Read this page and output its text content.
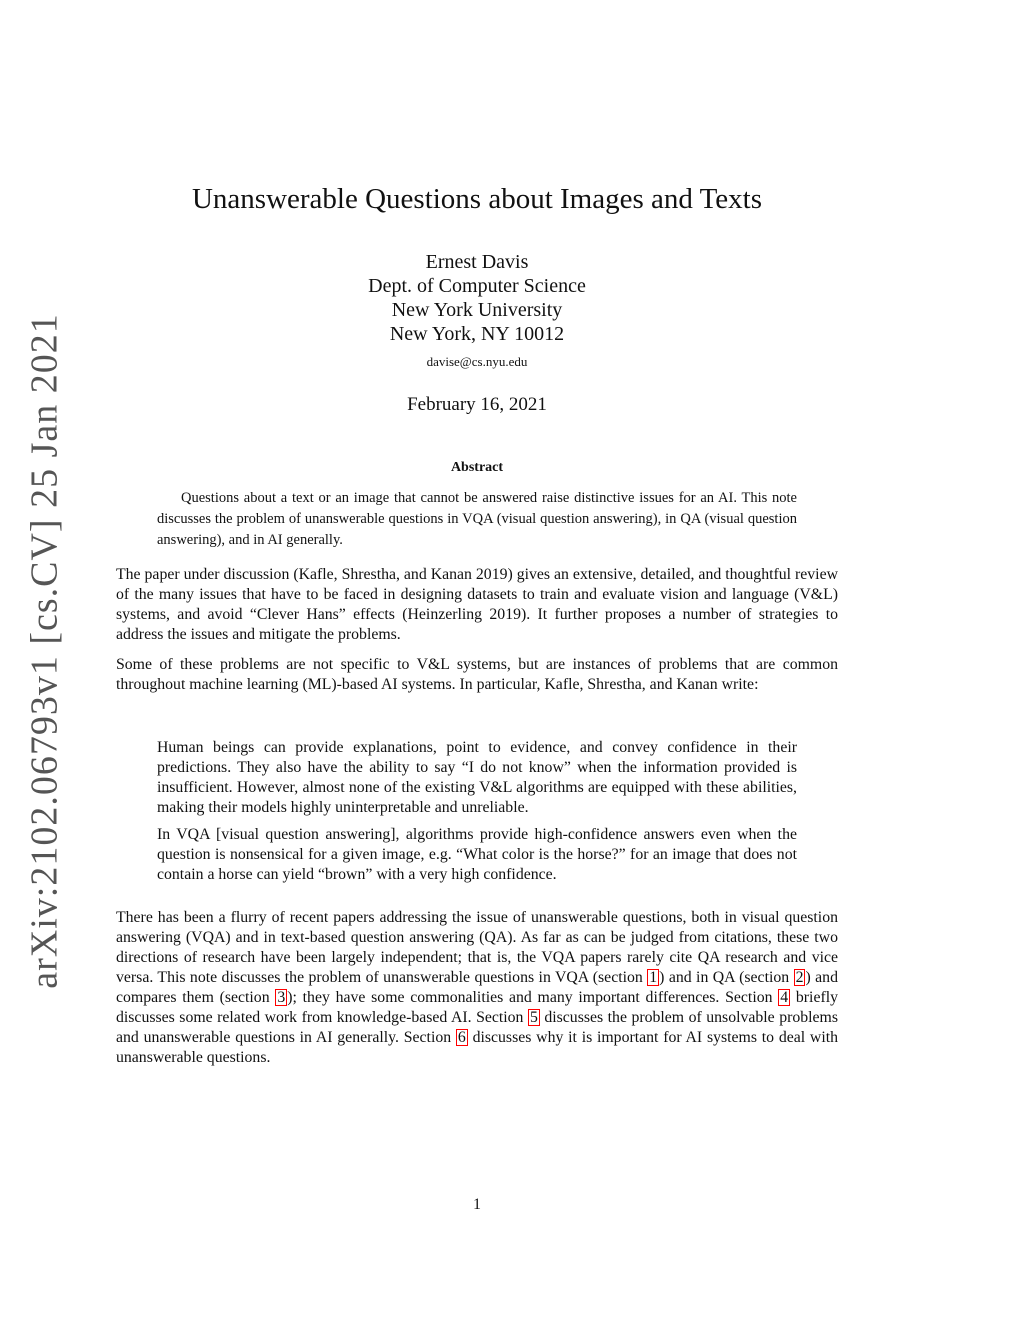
arXiv:2102.06793v1 [cs.CV] 25 Jan 2021
Unanswerable Questions about Images and Texts
Ernest Davis
Dept. of Computer Science
New York University
New York, NY 10012
davise@cs.nyu.edu
February 16, 2021
Abstract
Questions about a text or an image that cannot be answered raise distinctive issues for an AI. This note discusses the problem of unanswerable questions in VQA (visual question answering), in QA (visual question answering), and in AI generally.

The paper under discussion (Kafle, Shrestha, and Kanan 2019) gives an extensive, detailed, and thoughtful review of the many issues that have to be faced in designing datasets to train and evaluate vision and language (V&L) systems, and avoid “Clever Hans” effects (Heinzerling 2019). It further proposes a number of strategies to address the issues and mitigate the problems.

Some of these problems are not specific to V&L systems, but are instances of problems that are common throughout machine learning (ML)-based AI systems. In particular, Kafle, Shrestha, and Kanan write:

Human beings can provide explanations, point to evidence, and convey confidence in their predictions. They also have the ability to say “I do not know” when the information provided is insufficient. However, almost none of the existing V&L algorithms are equipped with these abilities, making their models highly uninterpretable and unreliable.

In VQA [visual question answering], algorithms provide high-confidence answers even when the question is nonsensical for a given image, e.g. “What color is the horse?” for an image that does not contain a horse can yield “brown” with a very high confidence.

There has been a flurry of recent papers addressing the issue of unanswerable questions, both in visual question answering (VQA) and in text-based question answering (QA). As far as can be judged from citations, these two directions of research have been largely independent; that is, the VQA papers rarely cite QA research and vice versa. This note discusses the problem of unanswerable questions in VQA (section 1 ) and in QA (section 2 ) and compares them (section 3 ); they have some commonalities and many important differences. Section 4 briefly discusses some related work from knowledge-based AI. Section 5 discusses the problem of unsolvable problems and unanswerable questions in AI generally. Section 6 discusses why it is important for AI systems to deal with unanswerable questions.

1
